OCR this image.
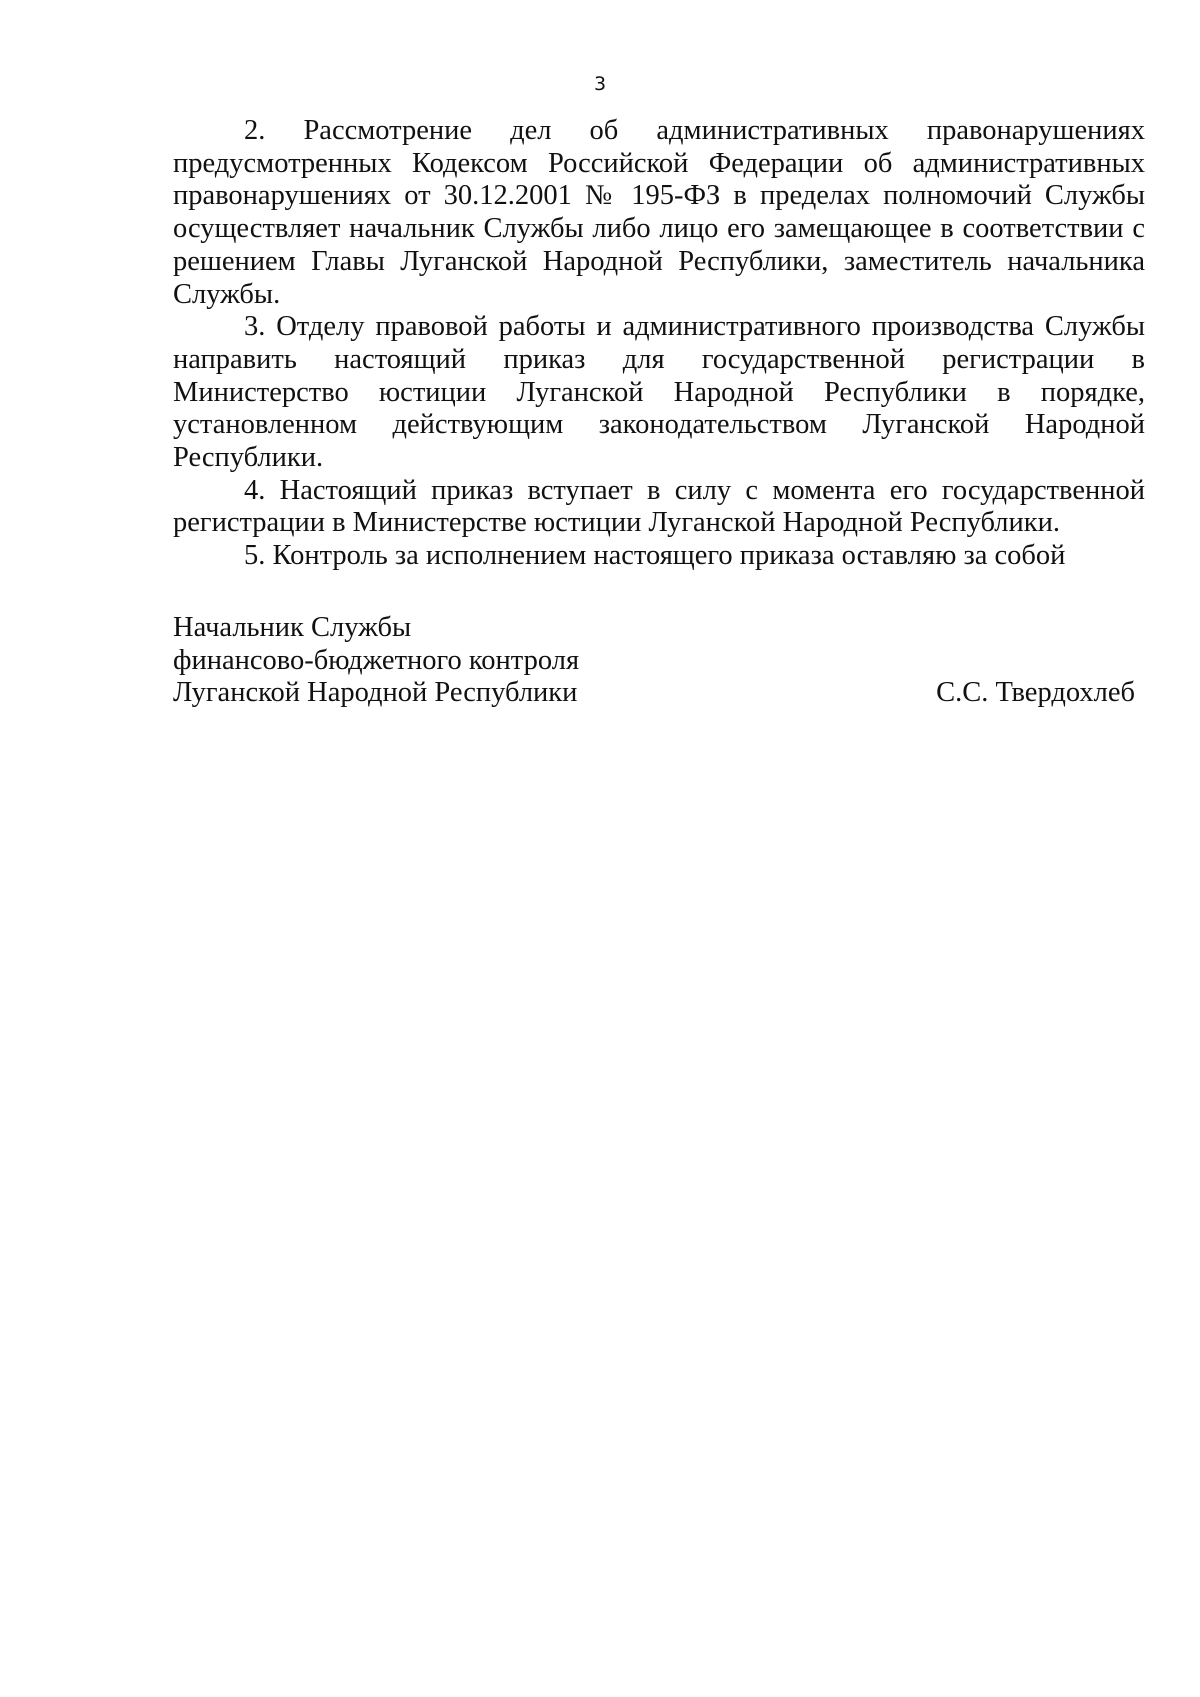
3

2. Рассмотрение дел об административных правонарушениях предусмотренных Кодексом Российской Федерации об административных правонарушениях от 30.12.2001 № 195-ФЗ в пределах полномочий Службы осуществляет начальник Службы либо лицо его замещающее в соответствии с решением Главы Луганской Народной Республики, заместитель начальника Службы.

3. Отделу правовой работы и административного производства Службы направить настоящий приказ для государственной регистрации в Министерство юстиции Луганской Народной Республики в порядке, установленном действующим законодательством Луганской Народной Республики.

4. Настоящий приказ вступает в силу с момента его государственной регистрации в Министерстве юстиции Луганской Народной Республики.

5. Контроль за исполнением настоящего приказа оставляю за собой

Начальник Службы
финансово-бюджетного контроля
Луганской Народной Республики	С.С. Твердохлеб
